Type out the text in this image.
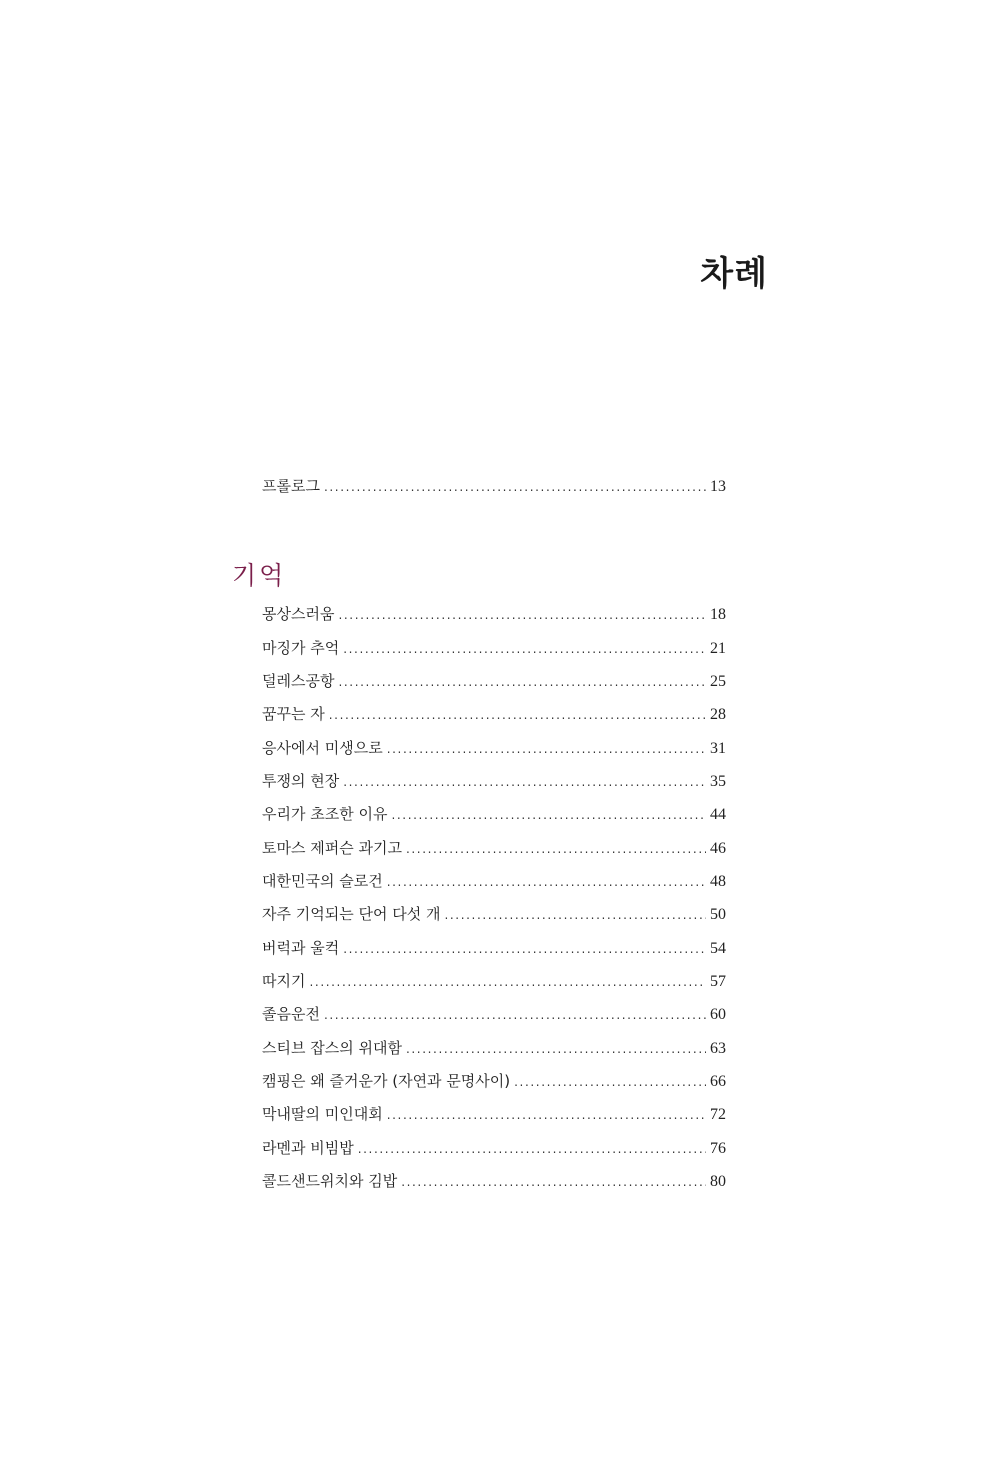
차례
프롤로그 .....	13
기억
몽상스러움 .....	18
마징가 추억 .....	21
덜레스공항 .....	25
꿈꾸는 자 .....	28
응사에서 미생으로 .....	31
투쟁의 현장 .....	35
우리가 초조한 이유 .....	44
토마스 제퍼슨 과기고 .....	46
대한민국의 슬로건 .....	48
자주 기억되는 단어 다섯 개 .....	50
버럭과 울컥 .....	54
따지기 .....	57
졸음운전 .....	60
스티브 잡스의 위대함 .....	63
캠핑은 왜 즐거운가 (자연과 문명사이) .....	66
막내딸의 미인대회 .....	72
라멘과 비빔밥 .....	76
콜드샌드위치와 김밥 .....	80
